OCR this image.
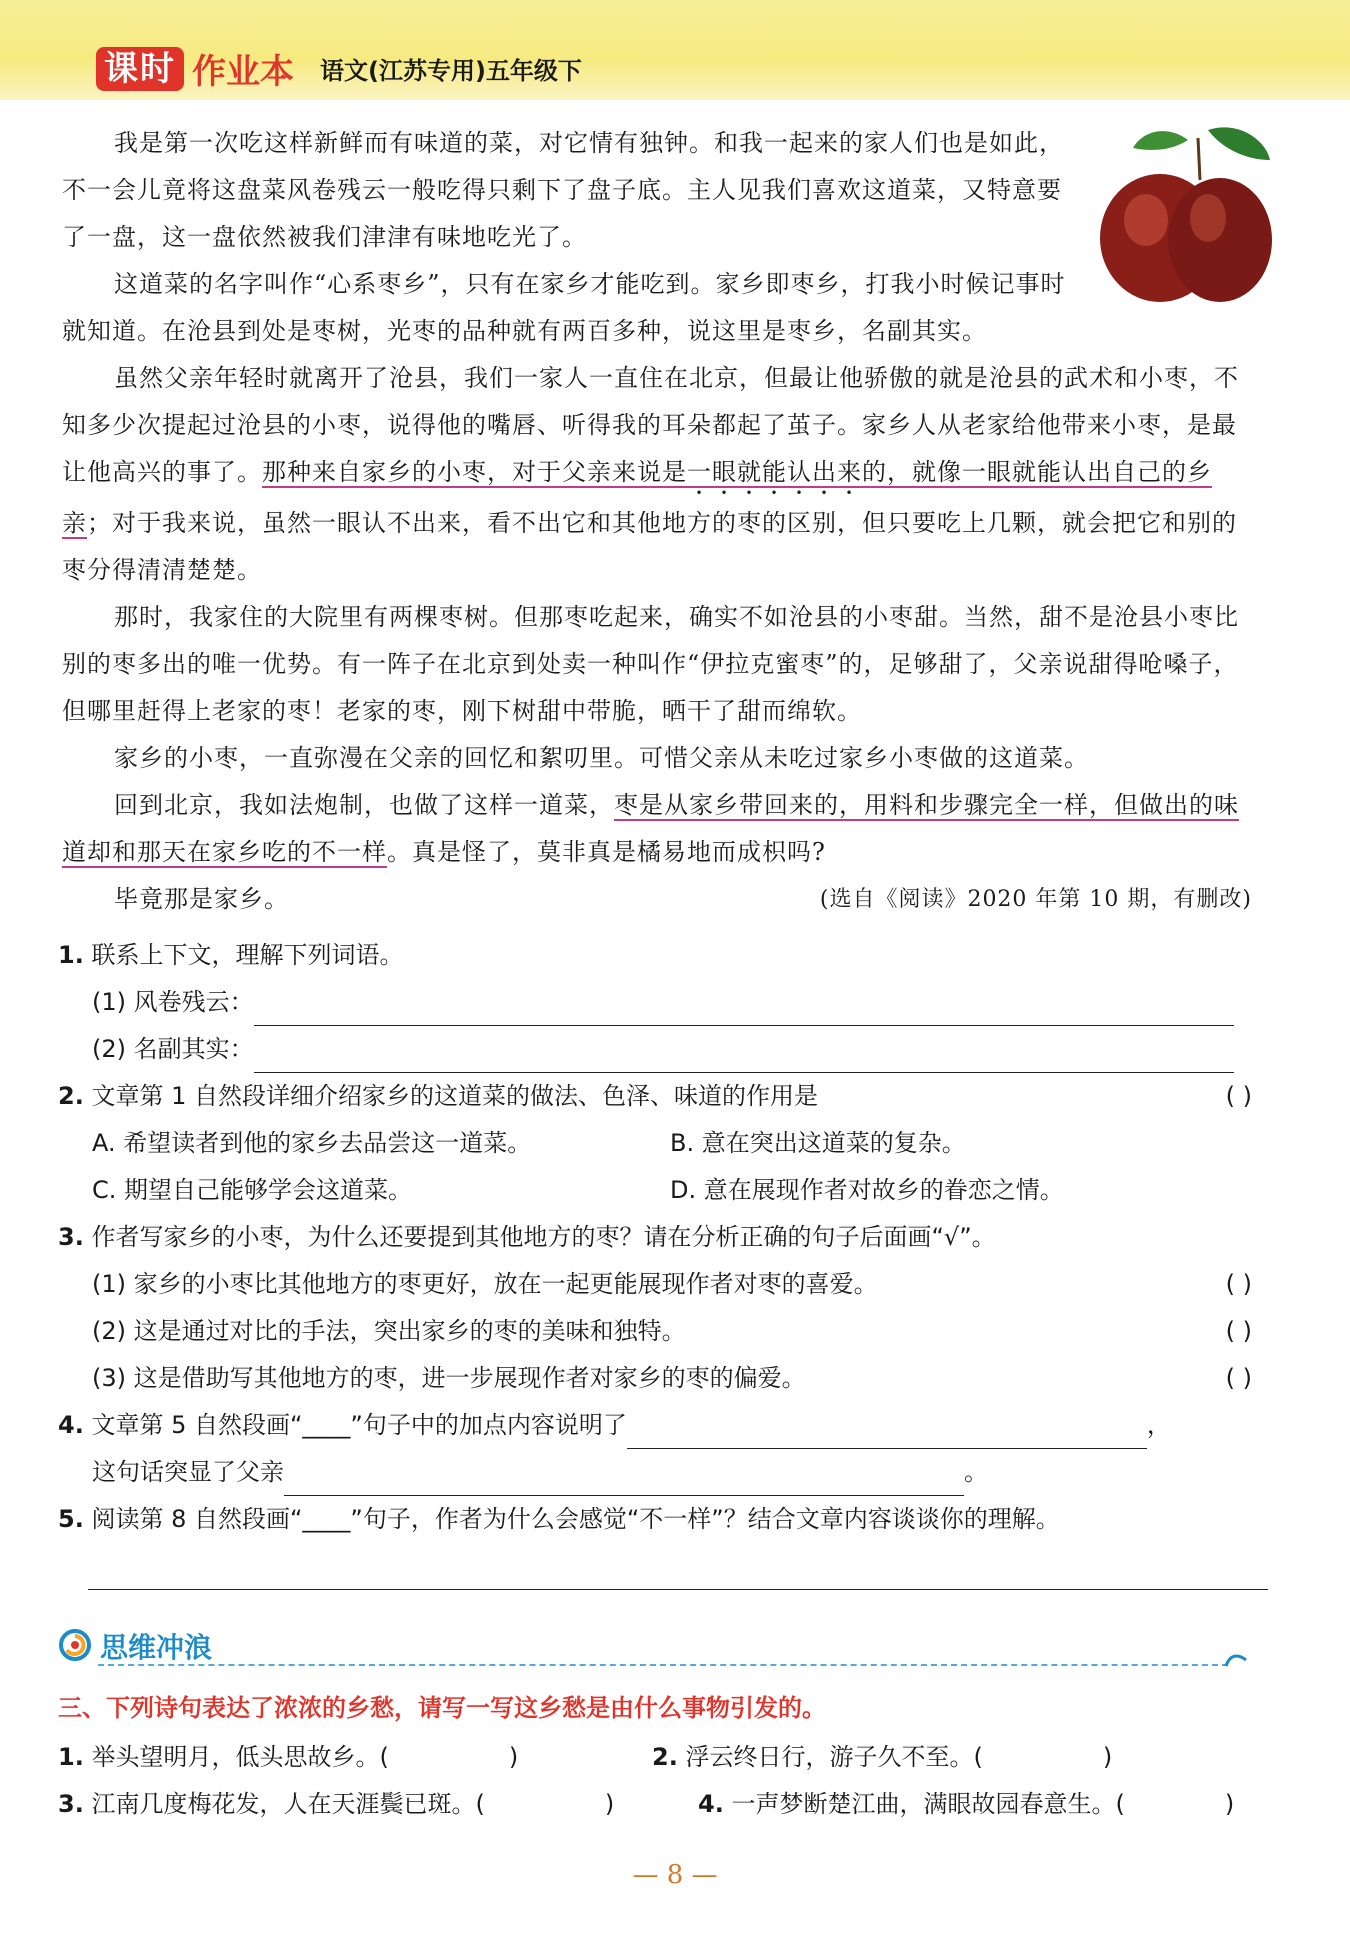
课时 作业本 语文(江苏专用)五年级下

我是第一次吃这样新鲜而有味道的菜，对它情有独钟。和我一起来的家人们也是如此，不一会儿竟将这盘菜风卷残云一般吃得只剩下了盘子底。主人见我们喜欢这道菜，又特意要了一盘，这一盘依然被我们津津有味地吃光了。

这道菜的名字叫作“心系枣乡”，只有在家乡才能吃到。家乡即枣乡，打我小时候记事时就知道。在沧县到处是枣树，光枣的品种就有两百多种，说这里是枣乡，名副其实。

虽然父亲年轻时就离开了沧县，我们一家人一直住在北京，但最让他骄傲的就是沧县的武术和小枣，不知多少次提起过沧县的小枣，说得他的嘴唇、听得我的耳朵都起了茧子。家乡人从老家给他带来小枣，是最让他高兴的事了。那种来自家乡的小枣，对于父亲来说是一眼就能认出来的，就像一眼就能认出自己的乡亲；对于我来说，虽然一眼认不出来，看不出它和其他地方的枣的区别，但只要吃上几颗，就会把它和别的枣分得清清楚楚。

那时，我家住的大院里有两棵枣树。但那枣吃起来，确实不如沧县的小枣甜。当然，甜不是沧县小枣比别的枣多出的唯一优势。有一阵子在北京到处卖一种叫作“伊拉克蜜枣”的，足够甜了，父亲说甜得呛嗓子，但哪里赶得上老家的枣！老家的枣，刚下树甜中带脆，晒干了甜而绵软。

家乡的小枣，一直弥漫在父亲的回忆和絮叨里。可惜父亲从未吃过家乡小枣做的这道菜。

回到北京，我如法炮制，也做了这样一道菜，枣是从家乡带回来的，用料和步骤完全一样，但做出的味道却和那天在家乡吃的不一样。真是怪了，莫非真是橘易地而成枳吗?

毕竟那是家乡。	(选自《阅读》2020 年第 10 期，有删改)

1. 联系上下文，理解下列词语。
(1) 风卷残云：
(2) 名副其实：
2. 文章第 1 自然段详细介绍家乡的这道菜的做法、色泽、味道的作用是	( )
A. 希望读者到他的家乡去品尝这一道菜。	B. 意在突出这道菜的复杂。
C. 期望自己能够学会这道菜。	D. 意在展现作者对故乡的眷恋之情。
3. 作者写家乡的小枣，为什么还要提到其他地方的枣？请在分析正确的句子后面画“√”。
(1) 家乡的小枣比其他地方的枣更好，放在一起更能展现作者对枣的喜爱。	( )
(2) 这是通过对比的手法，突出家乡的枣的美味和独特。	( )
(3) 这是借助写其他地方的枣，进一步展现作者对家乡的枣的偏爱。	( )
4. 文章第 5 自然段画“____”句子中的加点内容说明了	，
这句话突显了父亲	。
5. 阅读第 8 自然段画“____”句子，作者为什么会感觉“不一样”？结合文章内容谈谈你的理解。
思维冲浪
三、下列诗句表达了浓浓的乡愁，请写一写这乡愁是由什么事物引发的。
1. 举头望明月，低头思故乡。(	)	2. 浮云终日行，游子久不至。(	)
3. 江南几度梅花发，人在天涯鬓已斑。(	)	4. 一声梦断楚江曲，满眼故园春意生。(	)
— 8 —
